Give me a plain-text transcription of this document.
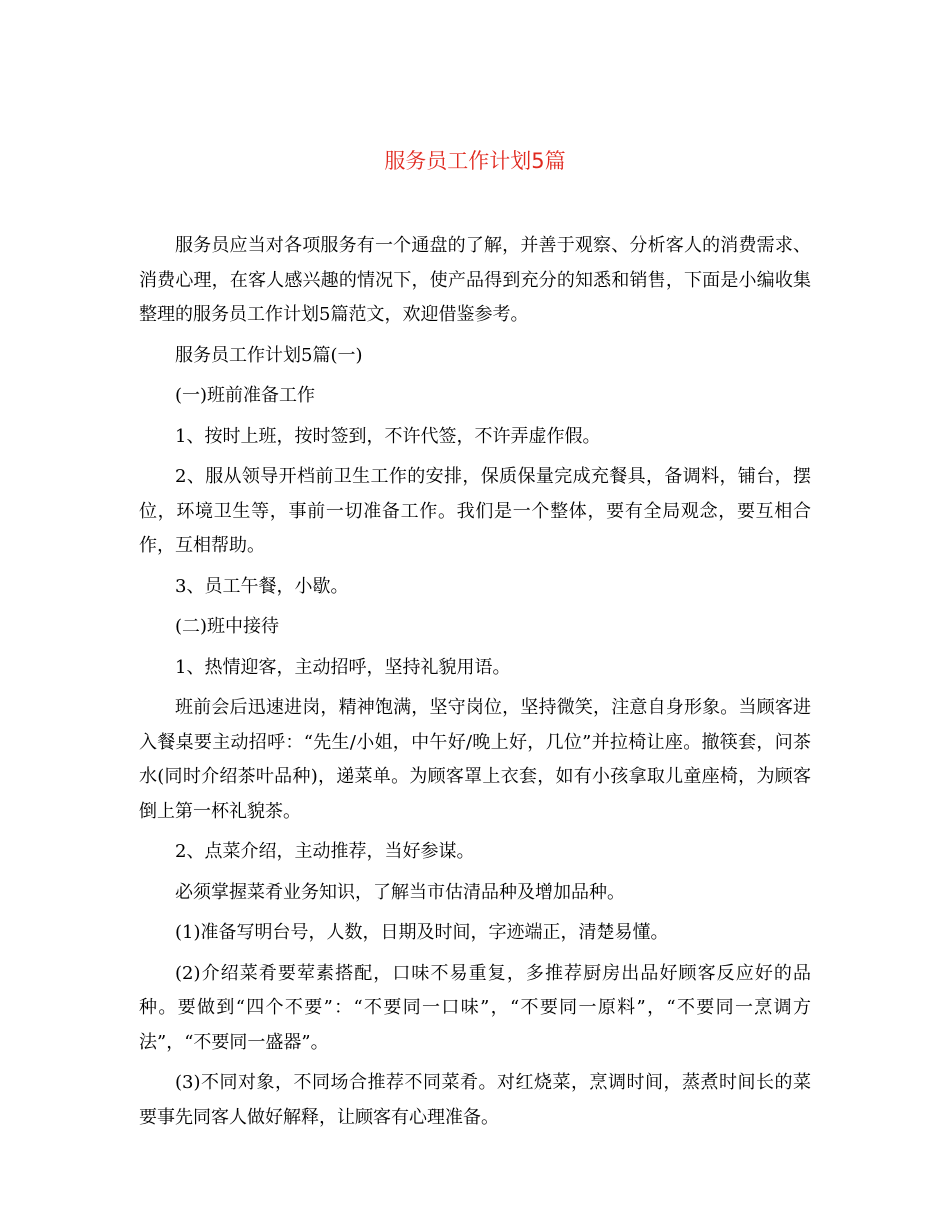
服务员工作计划5篇

服务员应当对各项服务有一个通盘的了解，并善于观察、分析客人的消费需求、消费心理，在客人感兴趣的情况下，使产品得到充分的知悉和销售，下面是小编收集整理的服务员工作计划5篇范文，欢迎借鉴参考。

服务员工作计划5篇(一)

(一)班前准备工作

1、按时上班，按时签到，不许代签，不许弄虚作假。

2、服从领导开档前卫生工作的安排，保质保量完成充餐具，备调料，铺台，摆位，环境卫生等，事前一切准备工作。我们是一个整体，要有全局观念，要互相合作，互相帮助。

3、员工午餐，小歇。

(二)班中接待

1、热情迎客，主动招呼，坚持礼貌用语。

班前会后迅速进岗，精神饱满，坚守岗位，坚持微笑，注意自身形象。当顾客进入餐桌要主动招呼：“先生/小姐，中午好/晚上好，几位”并拉椅让座。撤筷套，问茶水(同时介绍茶叶品种)，递菜单。为顾客罩上衣套，如有小孩拿取儿童座椅，为顾客倒上第一杯礼貌茶。

2、点菜介绍，主动推荐，当好参谋。

必须掌握菜肴业务知识，了解当市估清品种及增加品种。

(1)准备写明台号，人数，日期及时间，字迹端正，清楚易懂。

(2)介绍菜肴要荤素搭配，口味不易重复，多推荐厨房出品好顾客反应好的品种。要做到“四个不要”：“不要同一口味”，“不要同一原料”，“不要同一烹调方法”，“不要同一盛器”。

(3)不同对象，不同场合推荐不同菜肴。对红烧菜，烹调时间，蒸煮时间长的菜要事先同客人做好解释，让顾客有心理准备。
